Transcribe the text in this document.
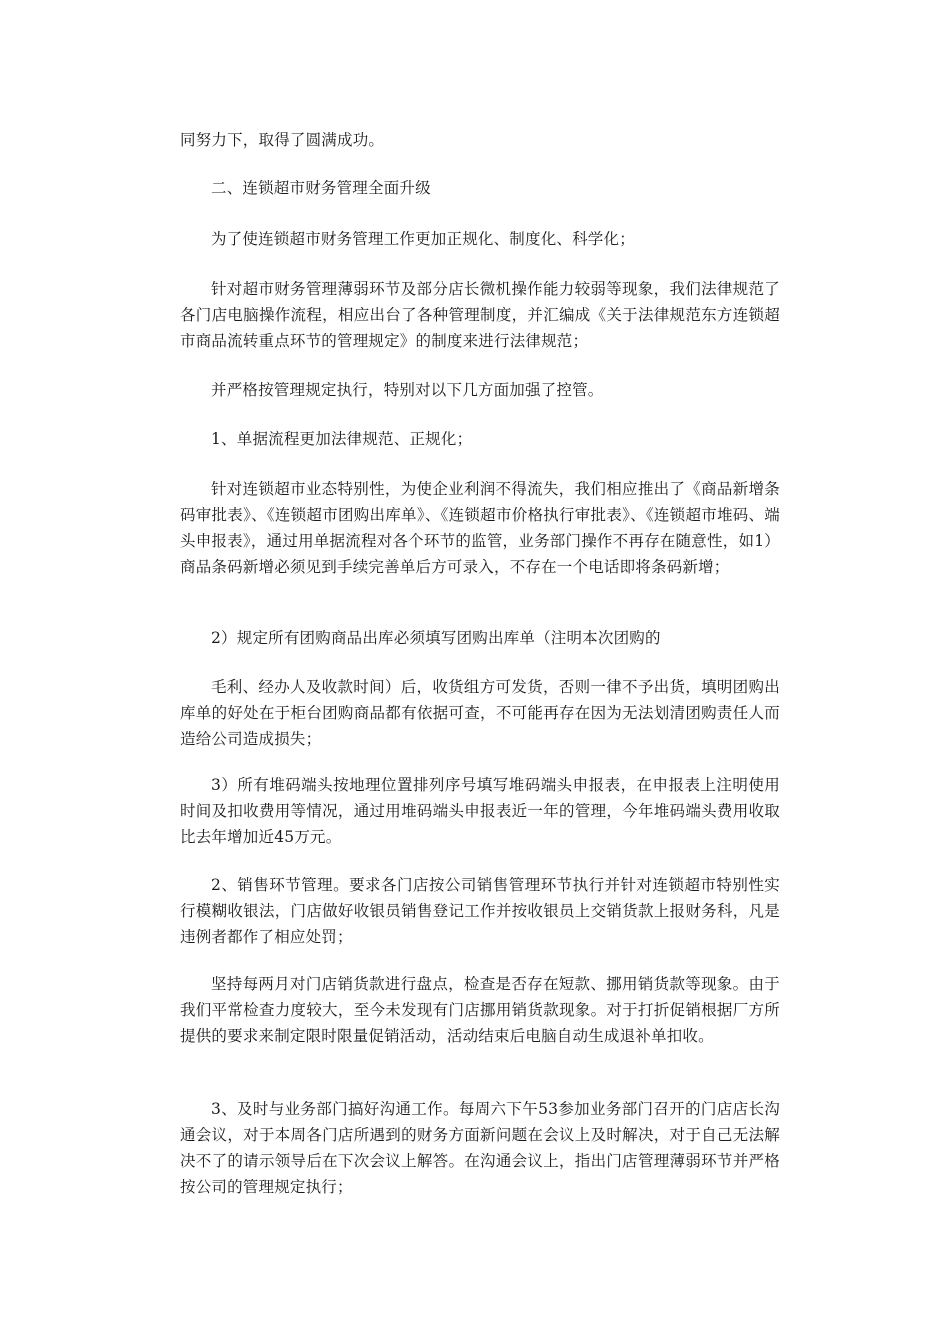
同努力下，取得了圆满成功。

二、连锁超市财务管理全面升级

为了使连锁超市财务管理工作更加正规化、制度化、科学化；

针对超市财务管理薄弱环节及部分店长微机操作能力较弱等现象，我们法律规范了各门店电脑操作流程，相应出台了各种管理制度，并汇编成《关于法律规范东方连锁超市商品流转重点环节的管理规定》的制度来进行法律规范；

并严格按管理规定执行，特别对以下几方面加强了控管。

1、单据流程更加法律规范、正规化；

针对连锁超市业态特别性，为使企业利润不得流失，我们相应推出了《商品新增条码审批表》、《连锁超市团购出库单》、《连锁超市价格执行审批表》、《连锁超市堆码、端头申报表》，通过用单据流程对各个环节的监管，业务部门操作不再存在随意性，如1）商品条码新增必须见到手续完善单后方可录入，不存在一个电话即将条码新增；

2）规定所有团购商品出库必须填写团购出库单（注明本次团购的

毛利、经办人及收款时间）后，收货组方可发货，否则一律不予出货，填明团购出库单的好处在于柜台团购商品都有依据可查，不可能再存在因为无法划清团购责任人而造给公司造成损失；

3）所有堆码端头按地理位置排列序号填写堆码端头申报表，在申报表上注明使用时间及扣收费用等情况，通过用堆码端头申报表近一年的管理，今年堆码端头费用收取比去年增加近45万元。

2、销售环节管理。要求各门店按公司销售管理环节执行并针对连锁超市特别性实行模糊收银法，门店做好收银员销售登记工作并按收银员上交销货款上报财务科，凡是违例者都作了相应处罚；

坚持每两月对门店销货款进行盘点，检查是否存在短款、挪用销货款等现象。由于我们平常检查力度较大，至今未发现有门店挪用销货款现象。对于打折促销根据厂方所提供的要求来制定限时限量促销活动，活动结束后电脑自动生成退补单扣收。

3、及时与业务部门搞好沟通工作。每周六下午53参加业务部门召开的门店店长沟通会议，对于本周各门店所遇到的财务方面新问题在会议上及时解决，对于自己无法解决不了的请示领导后在下次会议上解答。在沟通会议上，指出门店管理薄弱环节并严格按公司的管理规定执行；
